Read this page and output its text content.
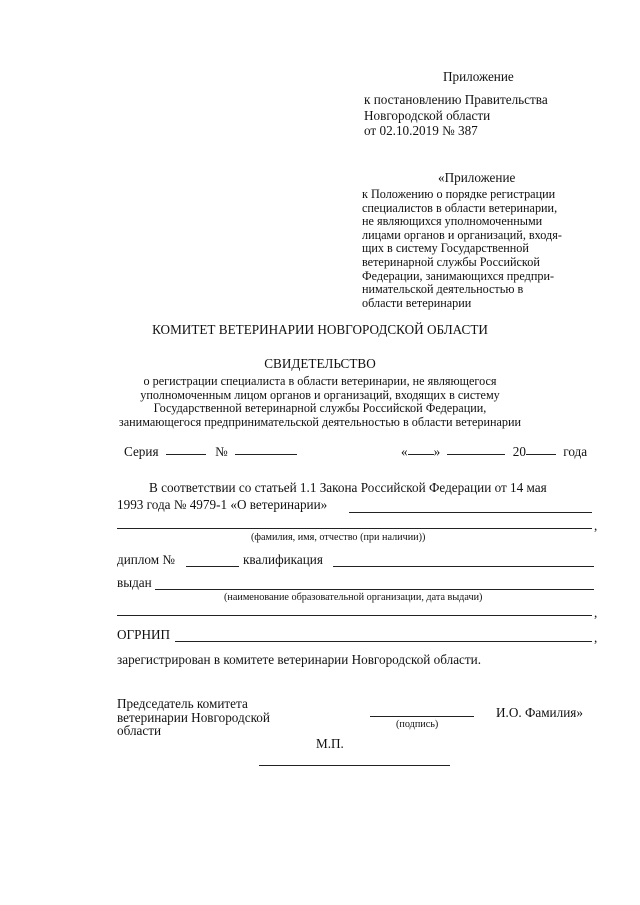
Приложение
к постановлению Правительства
Новгородской области
от 02.10.2019 № 387
«Приложение
к Положению о порядке регистрации
специалистов в области ветеринарии,
не являющихся уполномоченными
лицами органов и организаций, входя-
щих в систему Государственной
ветеринарной службы Российской
Федерации, занимающихся предпри-
нимательской деятельностью в
области ветеринарии
КОМИТЕТ ВЕТЕРИНАРИИ НОВГОРОДСКОЙ ОБЛАСТИ
СВИДЕТЕЛЬСТВО
о регистрации специалиста в области ветеринарии, не являющегося
уполномоченным лицом органов и организаций, входящих в систему
Государственной ветеринарной службы Российской Федерации,
занимающегося предпринимательской деятельностью в области ветеринарии
Серия	№	« »	20	года
В соответствии со статьей 1.1 Закона Российской Федерации от 14 мая
1993 года № 4979-1 «О ветеринарии»
,
(фамилия, имя, отчество (при наличии))
диплом №	квалификация
выдан
(наименование образовательной организации, дата выдачи)
,
ОГРНИП	,
зарегистрирован в комитете ветеринарии Новгородской области.
Председатель комитета
ветеринарии Новгородской
области	(подпись)
И.О. Фамилия»
М.П.
